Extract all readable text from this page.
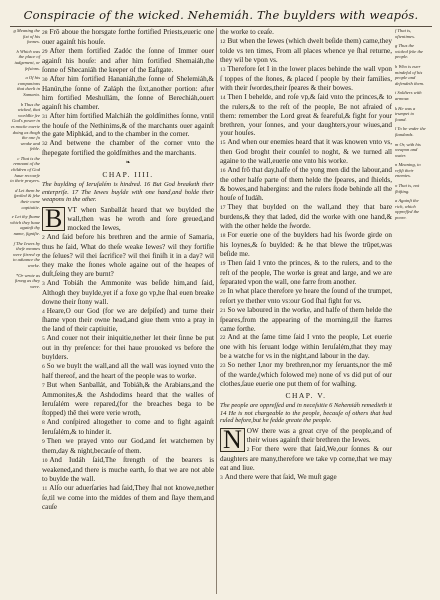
Conspiracie of the wicked. Nehemiáh. The buylders with weapós.
g Meaning the ſixt of his ſonnes.
h Which was the place of iudgement, or ſeſsions.
a Of his companions that dwelt in Samaria.
b Thus the wicked, that worldlie ſee God's power in vs mocke euerie doing as thogh the one ſo weake and feble.
c That is the remnant of the children of God haue recourſe to their prayers.
d Let them be ſpoiled & ſeke their owne captiuitie.
e Let thy ſhame which they haue againſt thy name, ſignifie.
f The Iewes by theſe meanes were ſtirred vp to aduance the worke.
*Or wrote as ſtrong as they were.

28 Frō aboue the horsgate forthe fortified Priests,eueric one ouer againſt his houſe.

29 After them fortified Zadóc the ſonne of Immer ouer againſt his houſe: and after him fortified Shemaiáh,the ſonne of Shecaniáh the keeper of the Eaſtgate.

30 After him fortified Hananiáh,the ſonne of Shelemiáh,& Hanún,the ſonne of Zaláph the ſixt,another portion: after him fortified Meshullám, the ſonne of Berechiáh,ouert againſt his chamber.

31 After him fortified Malchiáh the goldſmithes ſonne, vntil the houſe of the Nethinims,& of the marchants ouer againſt the gate Miphkád, and to the chamber in the corner.

32 And betwene the chamber of the corner vnto the ſhepegate fortified the goldſmithes and the marchants.

❧
CHAP. IIII.
The buylding of Ieruſalém is hindred. 16 But God breaketh their enterpriſe. 17 The Iewes buylde with one hand,and holde their weapons in the other.
B VT when Sanballát heard that we buylded the wall,then was he wroth and ſore greued,and mocked the Iewes,

2 And ſaid before his brethren and the armie of Samaria, thus he ſaid, What do theſe weake Iewes? wil they fortifie the ſelues? wil thei ſacrifice? wil thei finiſh it in a day? wil they make the ſtones whole againe out of the heapes of duſt,ſeing they are burnt?

3 And Tobiáh the Ammonite was beſide him,and ſaid, Althogh they buylde,yet if a foxe go vp,he ſhal euen breake downe their ſtony wall.

4 Heare,O our God (for we are deſpiſed) and turne their ſhame vpon their owne head,and giue them vnto a pray in the land of their captiuitie,

5 And couer not their iniquitie,nether let their ſinne be put out in thy preſence: for thei haue prouoked vs before the buylders.

6 So we buylt the wall,and all the wall was ioyned vnto the half thereof, and the heart of the people was to worke.

7 But when Sanballát, and Tobiáh,& the Arabians,and the Ammonites,& the Ashdodims heard that the walles of Ieruſalém were repared,(for the breaches bega to be ſtopped) thē thei were verie wroth,

8 And conſpired altogether to come and to fight againſt Ieruſalém,& to hinder it.

9 Then we prayed vnto our God,and ſet watchemen by them,day & night,becauſe of them.

10 And Iudáh ſaid,The ſtrength of the bearers is weakened,and there is muche earth, ſo that we are not able to buylde the wall.

11 Alſo our aduerſaries had ſaid,They ſhal not knowe,nether ſe,til we come into the middes of them and ſlaye them,and cauſe

the worke to ceaſe.

12 But when the Iewes (which dwelt beſide them) came,they tolde vs ten times, From all places whence ye ſhal returne, they wil be vpon vs.

13 Therefore ſet I in the lower places behinde the wall vpon ſ toppes of the ſtones, & placed ſ people by their families, with their ſwordes,their ſpeares & their bowes.

14 Then I behelde, and roſe vp,& ſaid vnto the princes,& to the rulers,& to the reſt of the people, Be not afraied of them: remember the Lord great & feareful,& fight for your brethren, your ſonnes, and your daughters,your wiues,and your houſes.

15 And when our enemies heard that it was knowen vnto vs, then God broght their counſel to noght, & we turned all againe to the wall,euerie one vnto his worke.

16 And frō that day,halfe of the yong men did the labour,and the other halfe parte of them helde the ſpeares, and ſhields, & bowes,and habergins: and the rulers ſtode behinde all the houſe of Iudáh.

17 They that buylded on the wall,and they that bare burdens,& they that laded, did the worke with one hand,& with the other helde the ſworde.

18 For euerie one of the buylders had his ſworde girde on his loynes,& ſo buylded: & he that blewe the trūpet,was beſide me.

19 Then ſaid I vnto the princes, & to the rulers, and to the reſt of the people, The worke is great and large, and we are ſeparated vpon the wall, one farre from another.

20 In what place therefore ye heare the ſound of the trumpet, reſort ye thether vnto vs:our God ſhal fight for vs.

21 So we laboured in the worke, and halfe of them helde the ſpeares,from the appearing of the morning,til the ſtarres came forthe.

22 And at the ſame time ſaid I vnto the people, Let euerie one with his ſeruant lodge within Ieruſalém,that they may be a watche for vs in the night,and labour in the day.

23 So nether I,nor my brethren,nor my ſeruants,nor the mē of the warde,(which folowed me) none of vs did put of our clothes,ſaue euerie one put them of for waſhing.

CHAP. V.
The people are oppreſſed and in neceſsitie 6 Nehemiáh remedieth it 14 He is not chargeable to the people, becauſe of others that had ruled before,but he fedde greate the people.
N OW there was a great crye of the people,and of their wiues againſt their brethren the Iewes.

2 For there were that ſaid,We,our ſonnes & our daughters are many,therefore we take vp corne,that we may eat and liue.

3 And there were that ſaid, We muſt gage

f That is, oftentimes.
g Thus the wicked ſeke the people.
h Who is euer mindeful of his people and defendeth them.
i Soldiers with armour.
k He was a trumpet to ſound.
l To be vnder the ſtandards.
m Or, with his weapon and water.
n Meaning, to reſiſt their enemies.
o That is, not ſhifting.
a Againſt the rich, which oppreſſed the poore.
